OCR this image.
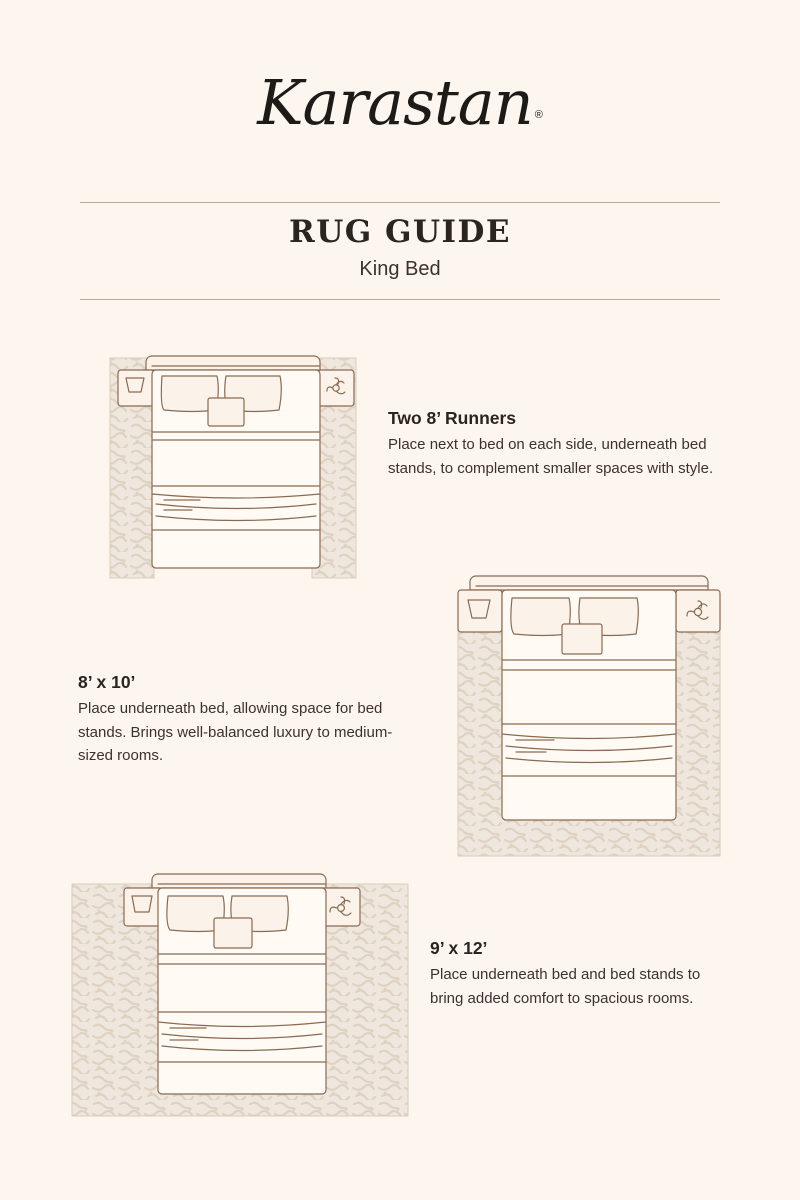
Karastan ®
RUG GUIDE
King Bed
Two 8’ Runners

Place next to bed on each side, underneath bed stands, to complement smaller spaces with style.

8’ x 10’

Place underneath bed, allowing space for bed stands. Brings well-balanced luxury to medium-sized rooms.

9’ x 12’

Place underneath bed and bed stands to bring added comfort to spacious rooms.
